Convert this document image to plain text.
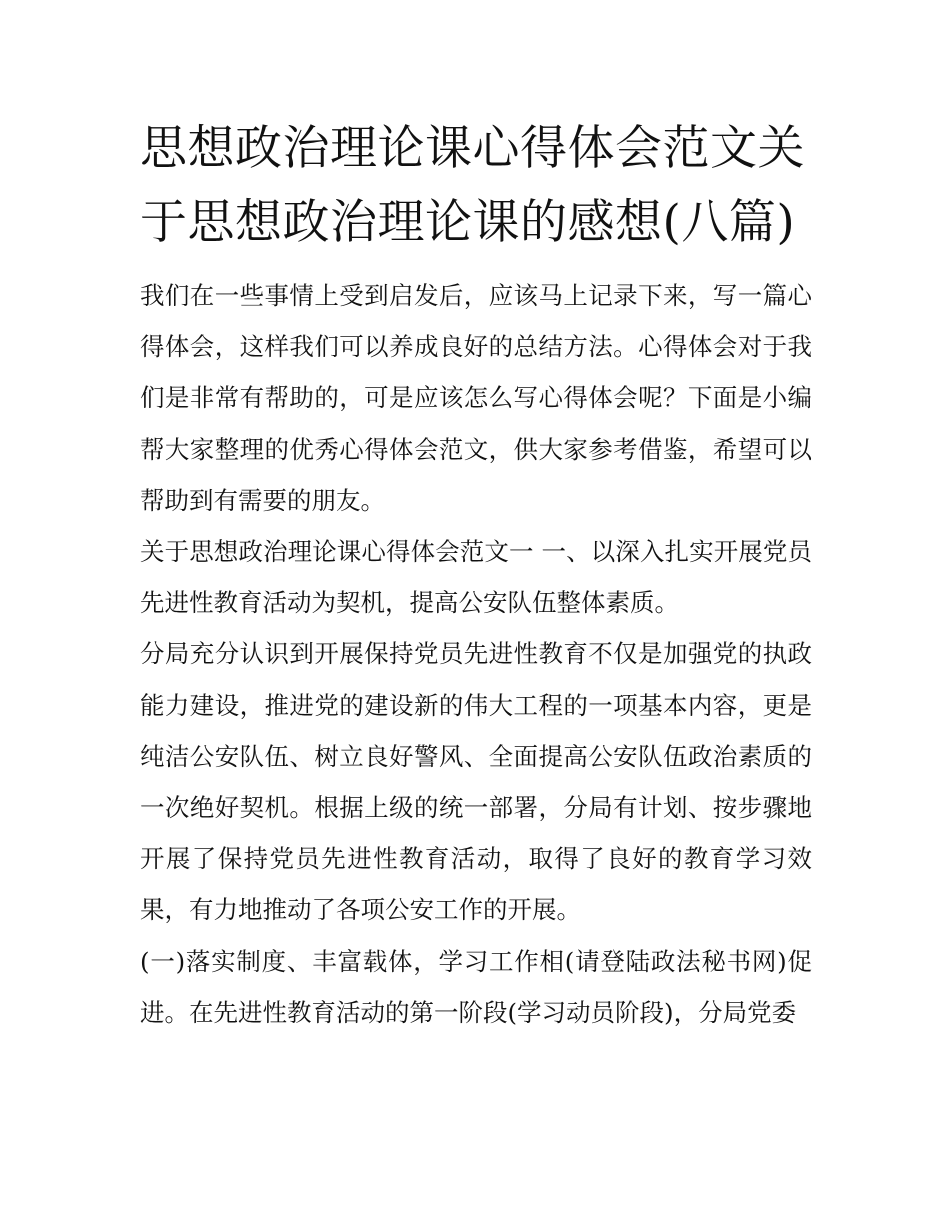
思想政治理论课心得体会范文关于思想政治理论课的感想(八篇)

我们在一些事情上受到启发后，应该马上记录下来，写一篇心得体会，这样我们可以养成良好的总结方法。心得体会对于我们是非常有帮助的，可是应该怎么写心得体会呢？下面是小编帮大家整理的优秀心得体会范文，供大家参考借鉴，希望可以帮助到有需要的朋友。

关于思想政治理论课心得体会范文一 一、以深入扎实开展党员先进性教育活动为契机，提高公安队伍整体素质。

分局充分认识到开展保持党员先进性教育不仅是加强党的执政能力建设，推进党的建设新的伟大工程的一项基本内容，更是纯洁公安队伍、树立良好警风、全面提高公安队伍政治素质的一次绝好契机。根据上级的统一部署，分局有计划、按步骤地开展了保持党员先进性教育活动，取得了良好的教育学习效果，有力地推动了各项公安工作的开展。

(一)落实制度、丰富载体，学习工作相(请登陆政法秘书网)促进。在先进性教育活动的第一阶段(学习动员阶段)，分局党委
